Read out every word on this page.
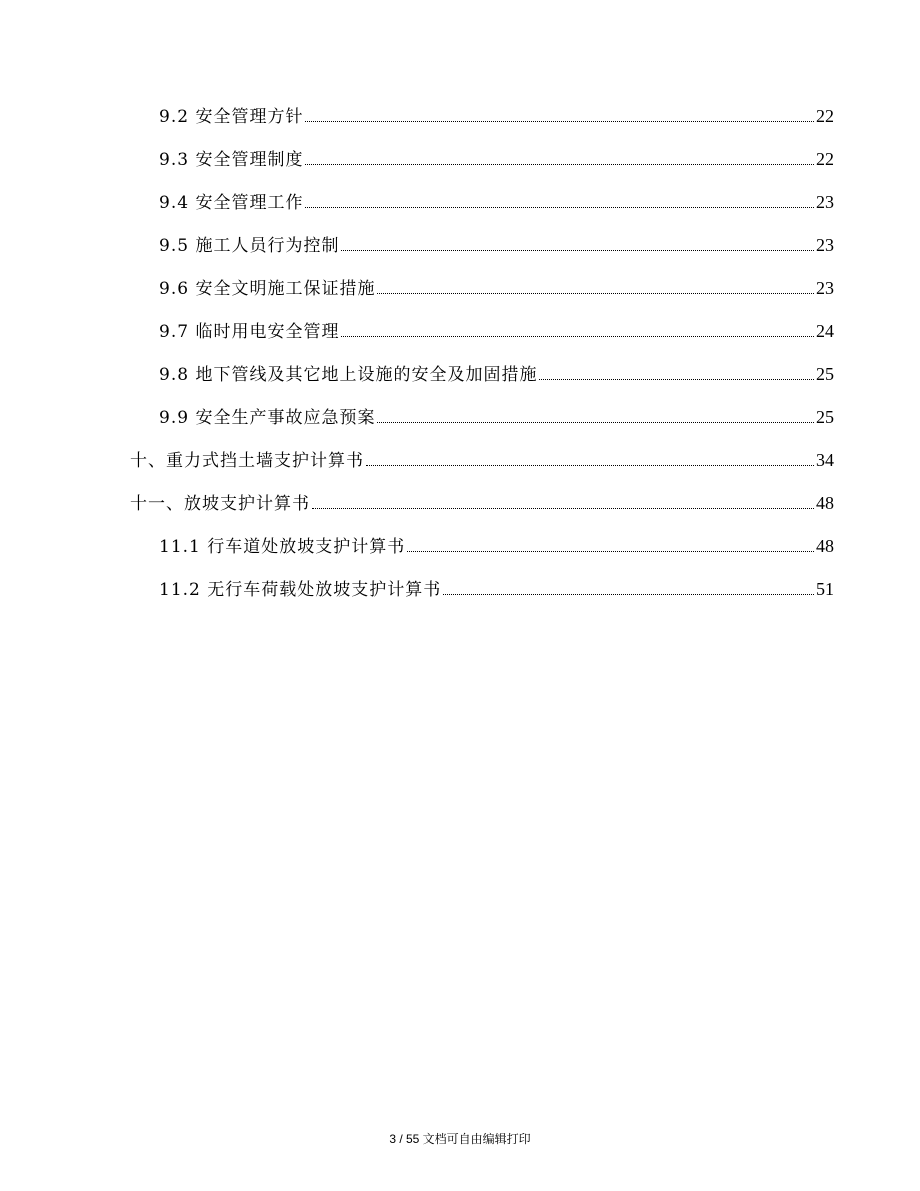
9.2 安全管理方针	22
9.3 安全管理制度	22
9.4 安全管理工作	23
9.5 施工人员行为控制	23
9.6 安全文明施工保证措施	23
9.7 临时用电安全管理	24
9.8 地下管线及其它地上设施的安全及加固措施	25
9.9 安全生产事故应急预案	25
十、重力式挡土墙支护计算书	34
十一、放坡支护计算书	48
11.1 行车道处放坡支护计算书	48
11.2 无行车荷载处放坡支护计算书	51
3 / 55 文档可自由编辑打印
